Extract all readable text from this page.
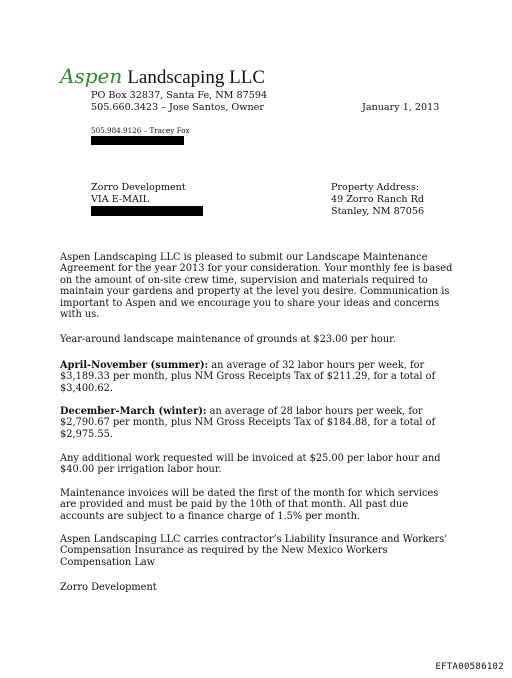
Aspen Landscaping LLC
PO Box 32837, Santa Fe, NM 87594
505.660.3423 – Jose Santos, Owner	January 1, 2013
505.984.9126 – Tracey Fox
Zorro Development
VIA E-MAIL
Property Address:
49 Zorro Ranch Rd
Stanley, NM 87056

Aspen Landscaping LLC is pleased to submit our Landscape Maintenance Agreement for the year 2013 for your consideration. Your monthly fee is based on the amount of on-site crew time, supervision and materials required to maintain your gardens and property at the level you desire. Communication is important to Aspen and we encourage you to share your ideas and concerns with us.

Year-around landscape maintenance of grounds at $23.00 per hour.

April-November (summer): an average of 32 labor hours per week, for $3,189.33 per month, plus NM Gross Receipts Tax of $211.29, for a total of $3,400.62.

December-March (winter): an average of 28 labor hours per week, for $2,790.67 per month, plus NM Gross Receipts Tax of $184.88, for a total of $2,975.55.

Any additional work requested will be invoiced at $25.00 per labor hour and $40.00 per irrigation labor hour.

Maintenance invoices will be dated the first of the month for which services are provided and must be paid by the 10th of that month. All past due accounts are subject to a finance charge of 1.5% per month.

Aspen Landscaping LLC carries contractor’s Liability Insurance and Workers’ Compensation Insurance as required by the New Mexico Workers Compensation Law

Zorro Development

EFTA00586102
